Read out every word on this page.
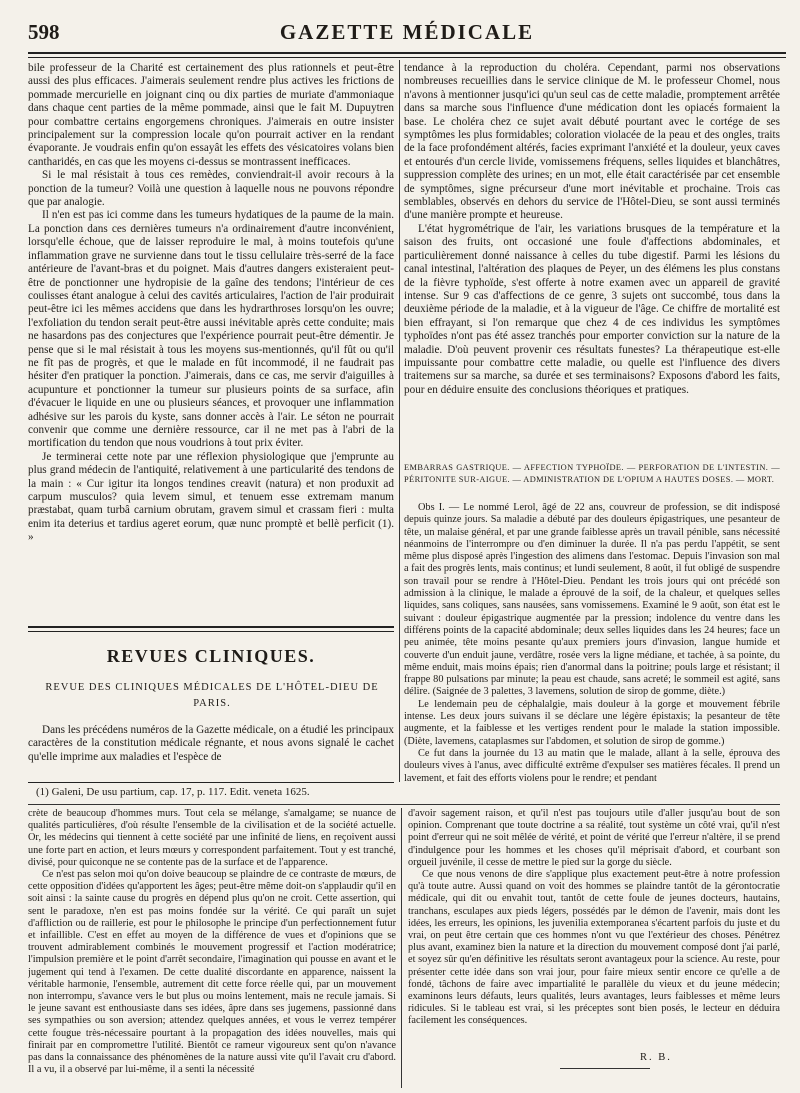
598	GAZETTE MÉDICALE

bile professeur de la Charité est certainement des plus rationnels et peut-être aussi des plus efficaces. J'aimerais seulement rendre plus actives les frictions de pommade mercurielle en joignant cinq ou dix parties de muriate d'ammoniaque dans chaque cent parties de la même pommade, ainsi que le fait M. Dupuytren pour combattre certains engorgemens chroniques. J'aimerais en outre insister principalement sur la compression locale qu'on pourrait activer en la rendant évaporante. Je voudrais enfin qu'on essayât les effets des vésicatoires volans bien cantharidés, en cas que les moyens ci-dessus se montrassent inefficaces.

Si le mal résistait à tous ces remèdes, conviendrait-il avoir recours à la ponction de la tumeur? Voilà une question à laquelle nous ne pouvons répondre que par analogie.

Il n'en est pas ici comme dans les tumeurs hydatiques de la paume de la main. La ponction dans ces dernières tumeurs n'a ordinairement d'autre inconvénient, lorsqu'elle échoue, que de laisser reproduire le mal, à moins toutefois qu'une inflammation grave ne survienne dans tout le tissu cellulaire très-serré de la face antérieure de l'avant-bras et du poignet. Mais d'autres dangers existeraient peut-être de ponctionner une hydropisie de la gaîne des tendons; l'intérieur de ces coulisses étant analogue à celui des cavités articulaires, l'action de l'air produirait peut-être ici les mêmes accidens que dans les hydrarthroses lorsqu'on les ouvre; l'exfoliation du tendon serait peut-être aussi inévitable après cette conduite; mais ne hasardons pas des conjectures que l'expérience pourrait peut-être démentir. Je pense que si le mal résistait à tous les moyens sus-mentionnés, qu'il fût ou qu'il ne fît pas de progrès, et que le malade en fût incommodé, il ne faudrait pas hésiter d'en pratiquer la ponction. J'aimerais, dans ce cas, me servir d'aiguilles à acupunture et ponctionner la tumeur sur plusieurs points de sa surface, afin d'évacuer le liquide en une ou plusieurs séances, et provoquer une inflammation adhésive sur les parois du kyste, sans donner accès à l'air. Le séton ne pourrait convenir que comme une dernière ressource, car il ne met pas à l'abri de la mortification du tendon que nous voudrions à tout prix éviter.

Je terminerai cette note par une réflexion physiologique que j'emprunte au plus grand médecin de l'antiquité, relativement à une particularité des tendons de la main : « Cur igitur ita longos tendines creavit (natura) et non produxit ad carpum musculos? quia levem simul, et tenuem esse extremam manum præstabat, quam turbâ carnium obrutam, gravem simul et crassam fieri : multa enim ita deterius et tardius ageret eorum, quæ nunc promptè et bellè perficit (1). »

REVUES CLINIQUES.
REVUE DES CLINIQUES MÉDICALES DE L'HÔTEL-DIEU DE PARIS.

Dans les précédens numéros de la Gazette médicale, on a étudié les principaux caractères de la constitution médicale régnante, et nous avons signalé le cachet qu'elle imprime aux maladies et l'espèce de

(1) Galeni, De usu partium, cap. 17, p. 117. Edit. veneta 1625.

tendance à la reproduction du choléra. Cependant, parmi nos observations nombreuses recueillies dans le service clinique de M. le professeur Chomel, nous n'avons à mentionner jusqu'ici qu'un seul cas de cette maladie, promptement arrêtée dans sa marche sous l'influence d'une médication dont les opiacés formaient la base. Le choléra chez ce sujet avait débuté pourtant avec le cortége de ses symptômes les plus formidables; coloration violacée de la peau et des ongles, traits de la face profondément altérés, facies exprimant l'anxiété et la douleur, yeux caves et entourés d'un cercle livide, vomissemens fréquens, selles liquides et blanchâtres, suppression complète des urines; en un mot, elle était caractérisée par cet ensemble de symptômes, signe précurseur d'une mort inévitable et prochaine. Trois cas semblables, observés en dehors du service de l'Hôtel-Dieu, se sont aussi terminés d'une manière prompte et heureuse.

L'état hygrométrique de l'air, les variations brusques de la température et la saison des fruits, ont occasioné une foule d'affections abdominales, et particulièrement donné naissance à celles du tube digestif. Parmi les lésions du canal intestinal, l'altération des plaques de Peyer, un des élémens les plus constans de la fièvre typhoïde, s'est offerte à notre examen avec un appareil de gravité intense. Sur 9 cas d'affections de ce genre, 3 sujets ont succombé, tous dans la deuxième période de la maladie, et à la vigueur de l'âge. Ce chiffre de mortalité est bien effrayant, si l'on remarque que chez 4 de ces individus les symptômes typhoïdes n'ont pas été assez tranchés pour emporter conviction sur la nature de la maladie. D'où peuvent provenir ces résultats funestes? La thérapeutique est-elle impuissante pour combattre cette maladie, ou quelle est l'influence des divers traitemens sur sa marche, sa durée et ses terminaisons? Exposons d'abord les faits, pour en déduire ensuite des conclusions théoriques et pratiques.

EMBARRAS GASTRIQUE. — AFFECTION TYPHOÏDE. — PERFORATION DE L'INTESTIN. — PÉRITONITE SUR-AIGUE. — ADMINISTRATION DE L'OPIUM A HAUTES DOSES. — MORT.

Obs I. — Le nommé Lerol, âgé de 22 ans, couvreur de profession, se dit indisposé depuis quinze jours. Sa maladie a débuté par des douleurs épigastriques, une pesanteur de tête, un malaise général, et par une grande faiblesse après un travail pénible, sans nécessité néanmoins de l'interrompre ou d'en diminuer la durée. Il n'a pas perdu l'appétit, se sent même plus disposé après l'ingestion des alimens dans l'estomac. Depuis l'invasion son mal a fait des progrès lents, mais continus; et lundi seulement, 8 août, il fut obligé de suspendre son travail pour se rendre à l'Hôtel-Dieu. Pendant les trois jours qui ont précédé son admission à la clinique, le malade a éprouvé de la soif, de la chaleur, et quelques selles liquides, sans coliques, sans nausées, sans vomissemens. Examiné le 9 août, son état est le suivant : douleur épigastrique augmentée par la pression; indolence du ventre dans les différens points de la capacité abdominale; deux selles liquides dans les 24 heures; face un peu animée, tête moins pesante qu'aux premiers jours d'invasion, langue humide et couverte d'un enduit jaune, verdâtre, rosée vers la ligne médiane, et tachée, à sa pointe, du même enduit, mais moins épais; rien d'anormal dans la poitrine; pouls large et résistant; il frappe 80 pulsations par minute; la peau est chaude, sans acreté; le sommeil est agité, sans délire. (Saignée de 3 palettes, 3 lavemens, solution de sirop de gomme, diète.)

Le lendemain peu de céphalalgie, mais douleur à la gorge et mouvement fébrile intense. Les deux jours suivans il se déclare une légère épistaxis; la pesanteur de tête augmente, et la faiblesse et les vertiges rendent pour le malade la station impossible. (Diète, lavemens, cataplasmes sur l'abdomen, et solution de sirop de gomme.)

Ce fut dans la journée du 13 au matin que le malade, allant à la selle, éprouva des douleurs vives à l'anus, avec difficulté extrême d'expulser ses matières fécales. Il prend un lavement, et fait des efforts violens pour le rendre; et pendant

crète de beaucoup d'hommes murs. Tout cela se mélange, s'amalgame; se nuance de qualités particulières, d'où résulte l'ensemble de la civilisation et de la société actuelle. Or, les médecins qui tiennent à cette société par une infinité de liens, en reçoivent aussi une forte part en action, et leurs mœurs y correspondent parfaitement. Tout y est tranché, divisé, pour quiconque ne se contente pas de la surface et de l'apparence.

Ce n'est pas selon moi qu'on doive beaucoup se plaindre de ce contraste de mœurs, de cette opposition d'idées qu'apportent les âges; peut-être même doit-on s'applaudir qu'il en soit ainsi : la sainte cause du progrès en dépend plus qu'on ne croit. Cette assertion, qui sent le paradoxe, n'en est pas moins fondée sur la vérité. Ce qui paraît un sujet d'affliction ou de raillerie, est pour le philosophe le principe d'un perfectionnement futur et infaillible. C'est en effet au moyen de la différence de vues et d'opinions que se trouvent admirablement combinés le mouvement progressif et l'action modératrice; l'impulsion première et le point d'arrêt secondaire, l'imagination qui pousse en avant et le jugement qui tend à l'examen. De cette dualité discordante en apparence, naissent la véritable harmonie, l'ensemble, autrement dit cette force réelle qui, par un mouvement non interrompu, s'avance vers le but plus ou moins lentement, mais ne recule jamais. Si le jeune savant est enthousiaste dans ses idées, âpre dans ses jugemens, passionné dans ses sympathies ou son aversion; attendez quelques années, et vous le verrez tempérer cette fougue très-nécessaire pourtant à la propagation des idées nouvelles, mais qui finirait par en compromettre l'utilité. Bientôt ce rameur vigoureux sent qu'on n'avance pas dans la connaissance des phénomènes de la nature aussi vite qu'il l'avait cru d'abord. Il a vu, il a observé par lui-même, il a senti la nécessité

d'avoir sagement raison, et qu'il n'est pas toujours utile d'aller jusqu'au bout de son opinion. Comprenant que toute doctrine a sa réalité, tout système un côté vrai, qu'il n'est point d'erreur qui ne soit mêlée de vérité, et point de vérité que l'erreur n'altère, il se prend d'indulgence pour les hommes et les choses qu'il méprisait d'abord, et courbant son orgueil juvénile, il cesse de mettre le pied sur la gorge du siècle.

Ce que nous venons de dire s'applique plus exactement peut-être à notre profession qu'à toute autre. Aussi quand on voit des hommes se plaindre tantôt de la gérontocratie médicale, qui dit ou envahit tout, tantôt de cette foule de jeunes docteurs, hautains, tranchans, esculapes aux pieds légers, possédés par le démon de l'avenir, mais dont les idées, les erreurs, les opinions, les juvenilia extemporanea s'écartent parfois du juste et du vrai, on peut être certain que ces hommes n'ont vu que l'extérieur des choses. Pénétrez plus avant, examinez bien la nature et la direction du mouvement composé dont j'ai parlé, et soyez sûr qu'en définitive les résultats seront avantageux pour la science. Au reste, pour présenter cette idée dans son vrai jour, pour faire mieux sentir encore ce qu'elle a de fondé, tâchons de faire avec impartialité le parallèle du vieux et du jeune médecin; examinons leurs défauts, leurs qualités, leurs avantages, leurs faiblesses et même leurs ridicules. Si le tableau est vrai, si les préceptes sont bien posés, le lecteur en déduira facilement les conséquences.

R. B.
